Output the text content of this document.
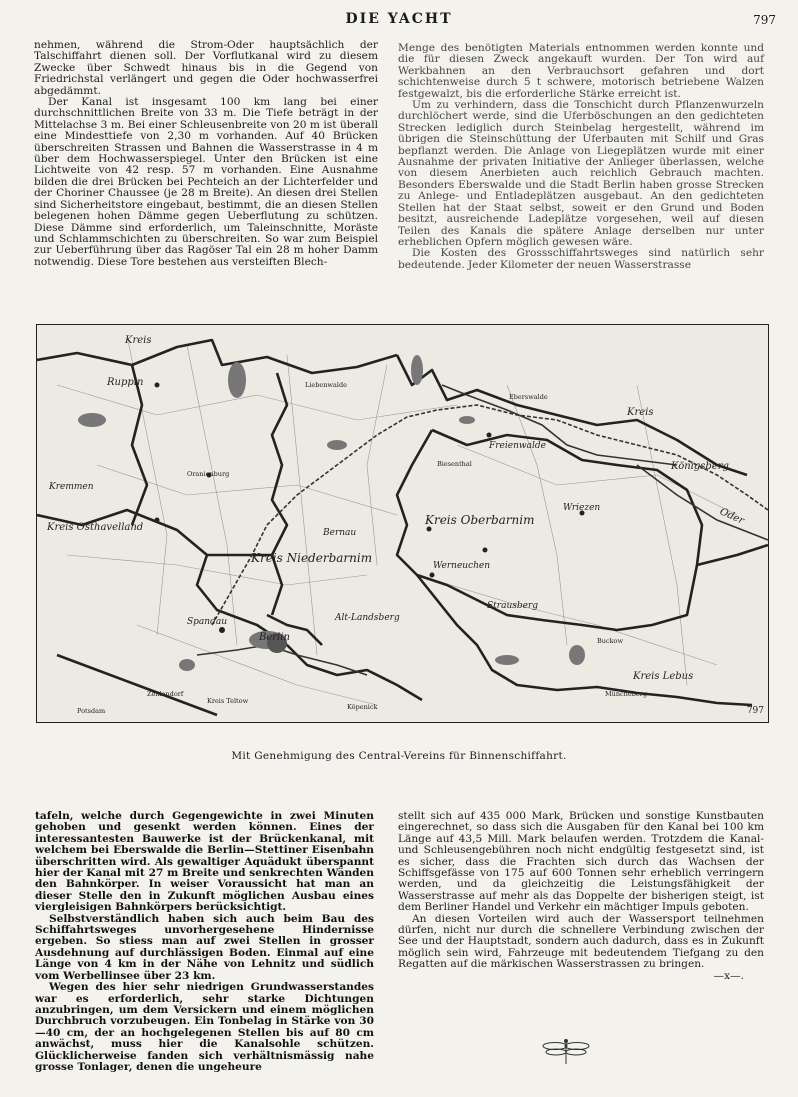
DIE YACHT	797

nehmen, während die Strom-Oder hauptsächlich der Talschiffahrt dienen soll. Der Vorflutkanal wird zu diesem Zwecke über Schwedt hinaus bis in die Gegend von Friedrichstal verlängert und gegen die Oder hochwasserfrei abgedämmt.

Der Kanal ist insgesamt 100 km lang bei einer durchschnittlichen Breite von 33 m. Die Tiefe beträgt in der Mittelachse 3 m. Bei einer Schleusenbreite von 20 m ist überall eine Mindesttiefe von 2,30 m vorhanden. Auf 40 Brücken überschreiten Strassen und Bahnen die Wasserstrasse in 4 m über dem Hochwasserspiegel. Unter den Brücken ist eine Lichtweite von 42 resp. 57 m vorhanden. Eine Ausnahme bilden die drei Brücken bei Pechteich an der Lichterfelder und der Choriner Chaussee (je 28 m Breite). An diesen drei Stellen sind Sicherheitstore eingebaut, bestimmt, die an diesen Stellen belegenen hohen Dämme gegen Ueberflutung zu schützen. Diese Dämme sind erforderlich, um Taleinschnitte, Moräste und Schlammschichten zu überschreiten. So war zum Beispiel zur Ueberführung über das Ragöser Tal ein 28 m hoher Damm notwendig. Diese Tore bestehen aus versteiften Blech-

Menge des benötigten Materials entnommen werden konnte und die für diesen Zweck angekauft wurden. Der Ton wird auf Werkbahnen an den Verbrauchsort gefahren und dort schichtenweise durch 5 t schwere, motorisch betriebene Walzen festgewalzt, bis die erforderliche Stärke erreicht ist.

Um zu verhindern, dass die Tonschicht durch Pflanzenwurzeln durchlöchert werde, sind die Uferböschungen an den gedichteten Strecken lediglich durch Steinbelag hergestellt, während im übrigen die Steinschüttung der Uferbauten mit Schilf und Gras bepflanzt werden. Die Anlage von Liegeplätzen wurde mit einer Ausnahme der privaten Initiative der Anlieger überlassen, welche von diesem Anerbieten auch reichlich Gebrauch machten. Besonders Eberswalde und die Stadt Berlin haben grosse Strecken zu Anlege- und Entladeplätzen ausgebaut. An den gedichteten Stellen hat der Staat selbst, soweit er den Grund und Boden besitzt, ausreichende Ladeplätze vorgesehen, weil auf diesen Teilen des Kanals die spätere Anlage derselben nur unter erheblichen Opfern möglich gewesen wäre.

Die Kosten des Grossschiffahrtsweges sind natürlich sehr bedeutende. Jeder Kilometer der neuen Wasserstrasse

Kreis
Ruppin
Kreis
Königsberg
Oder
Kremmen
Kreis Osthavelland
Kreis Oberbarnim
Kreis Niederbarnim
Bernau
Wriezen
Werneuchen
Strausberg
Alt-Landsberg
Berlin
Spandau
Freienwalde
Eberswalde
Oranienburg
Biesenthal
Kreis Lebus
Potsdam
Liebenwalde
Müncheberg
Zehlendorf
Kreis Teltow
Köpenick
Buckow
797
Mit Genehmigung des Central-Vereins für Binnenschiffahrt.

tafeln, welche durch Gegengewichte in zwei Minuten gehoben und gesenkt werden können. Eines der interessantesten Bauwerke ist der Brückenkanal, mit welchem bei Eberswalde die Berlin—Stettiner Eisenbahn überschritten wird. Als gewaltiger Aquädukt überspannt hier der Kanal mit 27 m Breite und senkrechten Wänden den Bahnkörper. In weiser Voraussicht hat man an dieser Stelle den in Zukunft möglichen Ausbau eines viergleisigen Bahnkörpers berücksichtigt.

Selbstverständlich haben sich auch beim Bau des Schiffahrtsweges unvorhergesehene Hindernisse ergeben. So stiess man auf zwei Stellen in grosser Ausdehnung auf durchlässigen Boden. Einmal auf eine Länge von 4 km in der Nähe von Lehnitz und südlich vom Werbellinsee über 23 km.

Wegen des hier sehr niedrigen Grundwasserstandes war es erforderlich, sehr starke Dichtungen anzubringen, um dem Versickern und einem möglichen Durchbruch vorzubeugen. Ein Tonbelag in Stärke von 30—40 cm, der an hochgelegenen Stellen bis auf 80 cm anwächst, muss hier die Kanalsohle schützen. Glücklicherweise fanden sich verhältnismässig nahe grosse Tonlager, denen die ungeheure

stellt sich auf 435 000 Mark, Brücken und sonstige Kunstbauten eingerechnet, so dass sich die Ausgaben für den Kanal bei 100 km Länge auf 43,5 Mill. Mark belaufen werden. Trotzdem die Kanal- und Schleusengebühren noch nicht endgültig festgesetzt sind, ist es sicher, dass die Frachten sich durch das Wachsen der Schiffsgefässe von 175 auf 600 Tonnen sehr erheblich verringern werden, und da gleichzeitig die Leistungsfähigkeit der Wasserstrasse auf mehr als das Doppelte der bisherigen steigt, ist dem Berliner Handel und Verkehr ein mächtiger Impuls geboten.

An diesen Vorteilen wird auch der Wassersport teilnehmen dürfen, nicht nur durch die schnellere Verbindung zwischen der See und der Hauptstadt, sondern auch dadurch, dass es in Zukunft möglich sein wird, Fahrzeuge mit bedeutendem Tiefgang zu den Regatten auf die märkischen Wasserstrassen zu bringen.

—x—.
